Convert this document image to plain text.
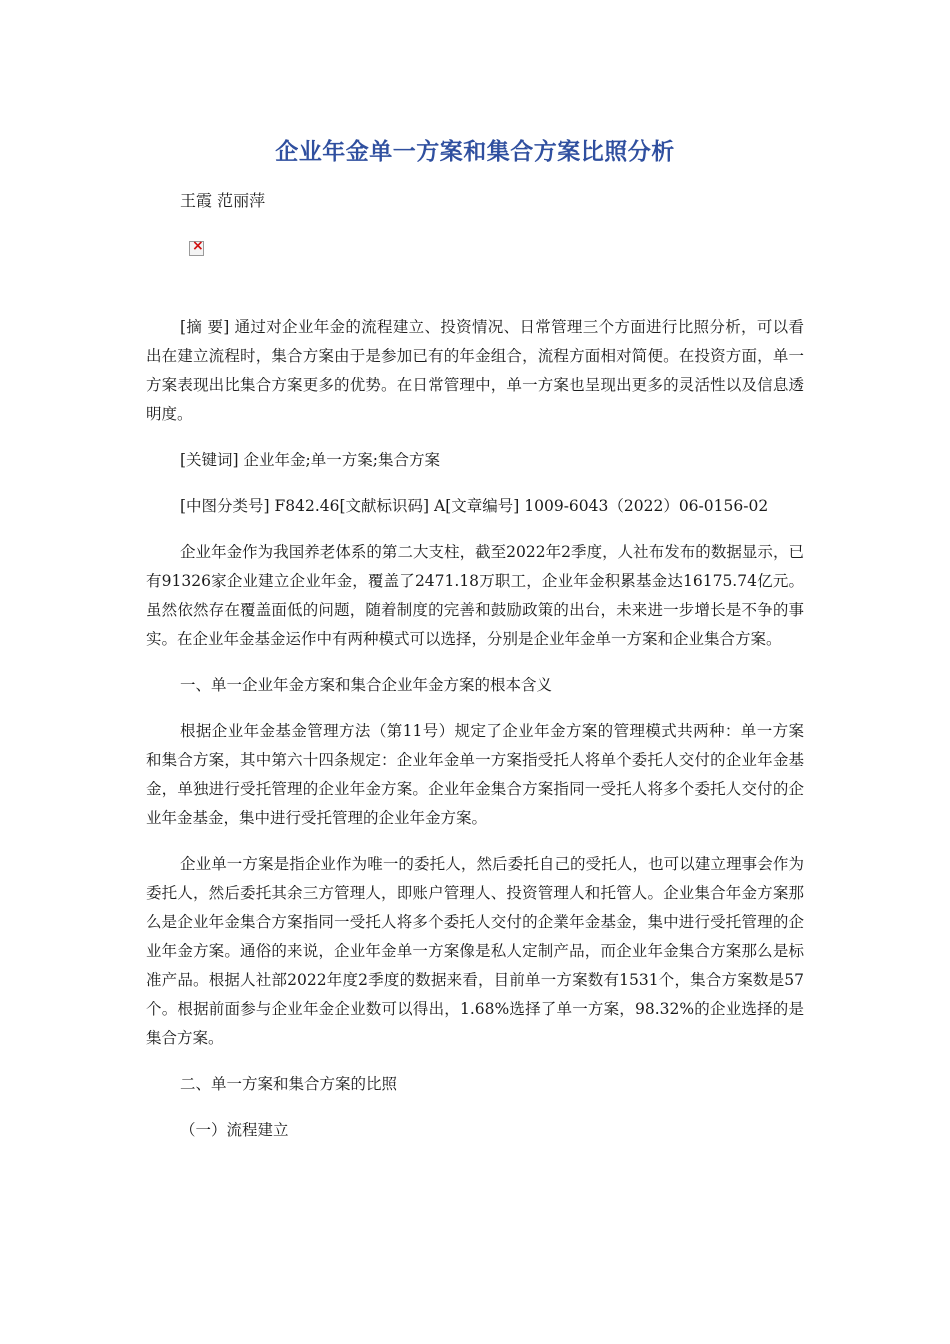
企业年金单一方案和集合方案比照分析
王霞 范丽萍
×

[摘 要] 通过对企业年金的流程建立、投资情况、日常管理三个方面进行比照分析，可以看出在建立流程时，集合方案由于是参加已有的年金组合，流程方面相对简便。在投资方面，单一方案表现出比集合方案更多的优势。在日常管理中，单一方案也呈现出更多的灵活性以及信息透明度。

[关键词] 企业年金;单一方案;集合方案

[中图分类号] F842.46[文献标识码] A[文章编号] 1009-6043（2022）06-0156-02

企业年金作为我国养老体系的第二大支柱，截至2022年2季度，人社布发布的数据显示，已有91326家企业建立企业年金，覆盖了2471.18万职工，企业年金积累基金达16175.74亿元。虽然依然存在覆盖面低的问题，随着制度的完善和鼓励政策的出台，未来进一步增长是不争的事实。在企业年金基金运作中有两种模式可以选择，分别是企业年金单一方案和企业集合方案。

一、单一企业年金方案和集合企业年金方案的根本含义

根据企业年金基金管理方法（第11号）规定了企业年金方案的管理模式共两种：单一方案和集合方案，其中第六十四条规定：企业年金单一方案指受托人将单个委托人交付的企业年金基金，单独进行受托管理的企业年金方案。企业年金集合方案指同一受托人将多个委托人交付的企业年金基金，集中进行受托管理的企业年金方案。

企业单一方案是指企业作为唯一的委托人，然后委托自己的受托人，也可以建立理事会作为委托人，然后委托其余三方管理人，即账户管理人、投资管理人和托管人。企业集合年金方案那么是企业年金集合方案指同一受托人将多个委托人交付的企業年金基金，集中进行受托管理的企业年金方案。通俗的来说，企业年金单一方案像是私人定制产品，而企业年金集合方案那么是标准产品。根据人社部2022年度2季度的数据来看，目前单一方案数有1531个，集合方案数是57个。根据前面参与企业年金企业数可以得出，1.68%选择了单一方案，98.32%的企业选择的是集合方案。

二、单一方案和集合方案的比照

（一）流程建立
